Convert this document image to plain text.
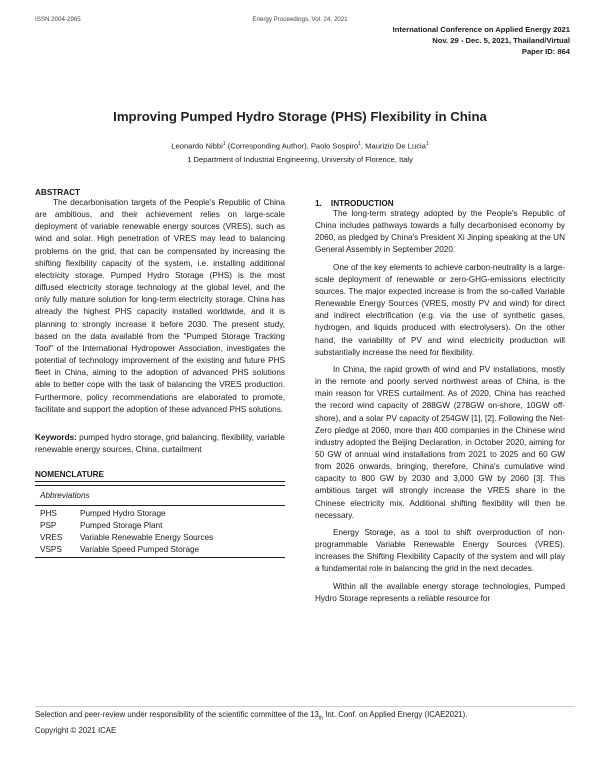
ISSN 2004-2965	Energy Proceedings, Vol. 24, 2021
International Conference on Applied Energy 2021
Nov. 29 - Dec. 5, 2021, Thailand/Virtual
Paper ID: 864
Improving Pumped Hydro Storage (PHS) Flexibility in China
Leonardo Nibbi$^1$ (Corresponding Author), Paolo Sospiro$^1$, Maurizio De Lucia$^1$
1 Department of Industrial Engineering, University of Florence, Italy
ABSTRACT

The decarbonisation targets of the People's Republic of China are ambitious, and their achievement relies on large-scale deployment of variable renewable energy sources (VRES), such as wind and solar. High penetration of VRES may lead to balancing problems on the grid, that can be compensated by increasing the shifting flexibility capacity of the system, i.e. installing additional electricity storage. Pumped Hydro Storage (PHS) is the most diffused electricity storage technology at the global level, and the only fully mature solution for long-term electricity storage. China has already the highest PHS capacity installed worldwide, and it is planning to strongly increase it before 2030. The present study, based on the data available from the "Pumped Storage Tracking Tool" of the International Hydropower Association, investigates the potential of technology improvement of the existing and future PHS fleet in China, aiming to the adoption of advanced PHS solutions able to better cope with the task of balancing the VRES production. Furthermore, policy recommendations are elaborated to promote, facilitate and support the adoption of these advanced PHS solutions.

Keywords: pumped hydro storage, grid balancing, flexibility, variable renewable energy sources, China, curtailment
NOMENCLATURE
Abbreviations
PHS	Pumped Hydro Storage
PSP	Pumped Storage Plant
VRES	Variable Renewable Energy Sources
VSPS	Variable Speed Pumped Storage
1.    INTRODUCTION

The long-term strategy adopted by the People's Republic of China includes pathways towards a fully decarbonised economy by 2060, as pledged by China's President Xi Jinping speaking at the UN General Assembly in September 2020.

One of the key elements to achieve carbon-neutrality is a large-scale deployment of renewable or zero-GHG-emissions electricity sources. The major expected increase is from the so-called Variable Renewable Energy Sources (VRES, mostly PV and wind) for direct and indirect electrification (e.g. via the use of synthetic gases, hydrogen, and liquids produced with electrolysers). On the other hand, the variability of PV and wind electricity production will substantially increase the need for flexibility.

In China, the rapid growth of wind and PV installations, mostly in the remote and poorly served northwest areas of China, is the main reason for VRES curtailment. As of 2020, China has reached the record wind capacity of 288GW (278GW on-shore, 10GW off-shore), and a solar PV capacity of 254GW [1], [2]. Following the Net-Zero pledge at 2060, more than 400 companies in the Chinese wind industry adopted the Beijing Declaration, in October 2020, aiming for 50 GW of annual wind installations from 2021 to 2025 and 60 GW from 2026 onwards, bringing, therefore, China's cumulative wind capacity to 800 GW by 2030 and 3,000 GW by 2060 [3]. This ambitious target will strongly increase the VRES share in the Chinese electricity mix. Additional shifting flexibility will then be necessary.

Energy Storage, as a tool to shift overproduction of non-programmable Variable Renewable Energy Sources (VRES), increases the Shifting Flexibility Capacity of the system and will play a fundamental role in balancing the grid in the next decades.

Within all the available energy storage technologies, Pumped Hydro Storage represents a reliable resource for

Selection and peer-review under responsibility of the scientific committee of the $13_{th}$ Int. Conf. on Applied Energy (ICAE2021).
Copyright © 2021 ICAE
